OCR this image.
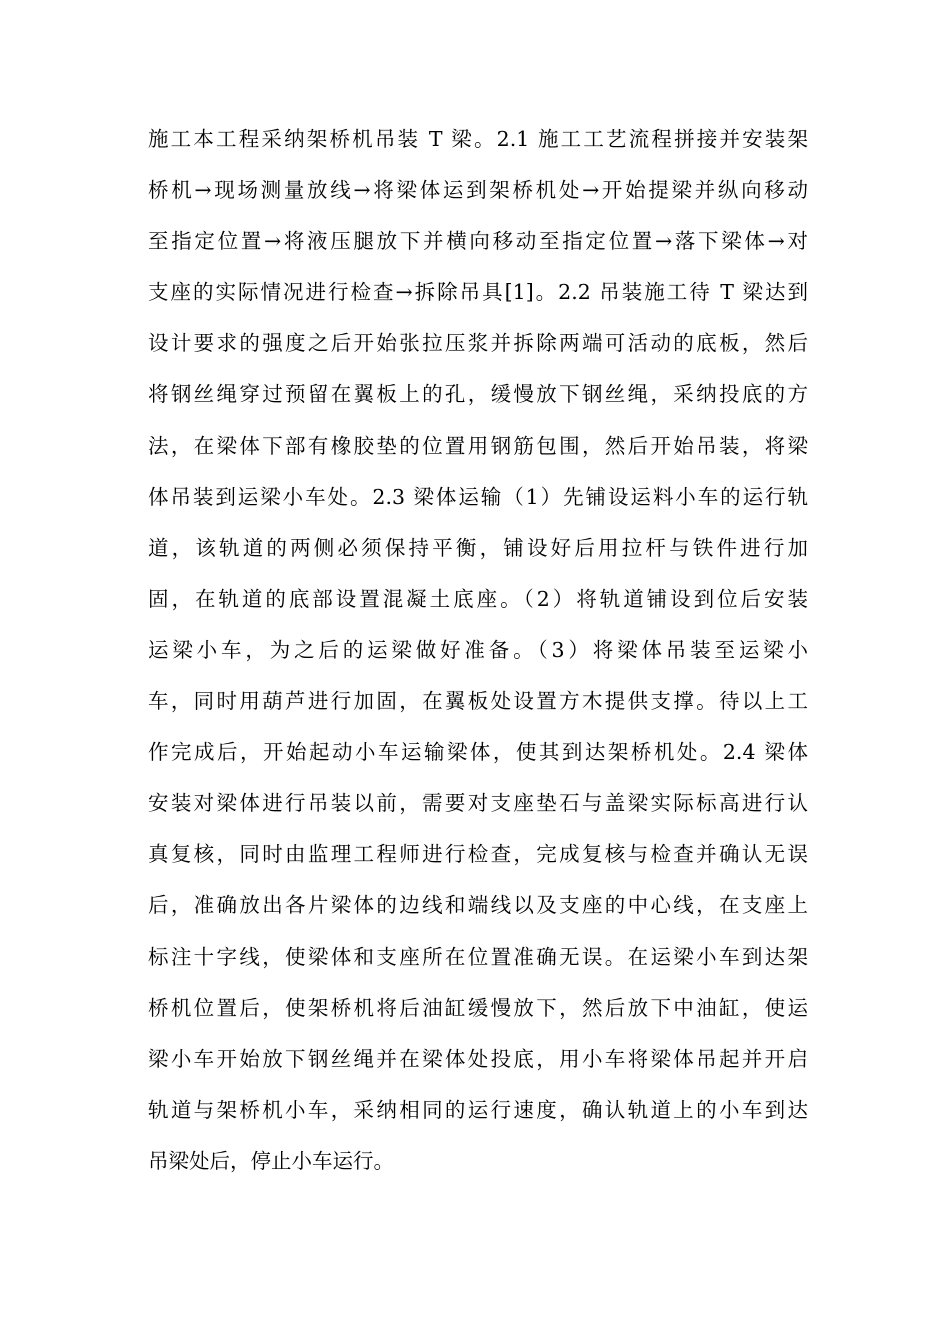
施工本工程采纳架桥机吊装 T 梁。2.1 施工工艺流程拼接并安装架
桥机→现场测量放线→将梁体运到架桥机处→开始提梁并纵向移动
至指定位置→将液压腿放下并横向移动至指定位置→落下梁体→对
支座的实际情况进行检查→拆除吊具[1]。2.2 吊装施工待 T 梁达到
设计要求的强度之后开始张拉压浆并拆除两端可活动的底板，然后
将钢丝绳穿过预留在翼板上的孔，缓慢放下钢丝绳，采纳投底的方
法，在梁体下部有橡胶垫的位置用钢筋包围，然后开始吊装，将梁
体吊装到运梁小车处。2.3 梁体运输（1）先铺设运料小车的运行轨
道，该轨道的两侧必须保持平衡，铺设好后用拉杆与铁件进行加
固，在轨道的底部设置混凝土底座。（2）将轨道铺设到位后安装
运梁小车，为之后的运梁做好准备。（3）将梁体吊装至运梁小
车，同时用葫芦进行加固，在翼板处设置方木提供支撑。待以上工
作完成后，开始起动小车运输梁体，使其到达架桥机处。2.4 梁体
安装对梁体进行吊装以前，需要对支座垫石与盖梁实际标高进行认
真复核，同时由监理工程师进行检查，完成复核与检查并确认无误
后，准确放出各片梁体的边线和端线以及支座的中心线，在支座上
标注十字线，使梁体和支座所在位置准确无误。在运梁小车到达架
桥机位置后，使架桥机将后油缸缓慢放下，然后放下中油缸，使运
梁小车开始放下钢丝绳并在梁体处投底，用小车将梁体吊起并开启
轨道与架桥机小车，采纳相同的运行速度，确认轨道上的小车到达
吊梁处后，停止小车运行。
